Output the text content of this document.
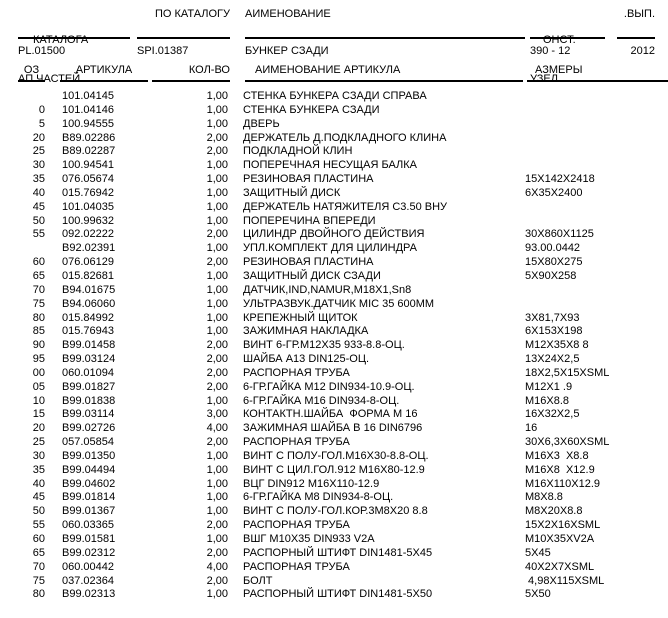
КАТАЛОГА

АП.ЧАСТЕЙ

PL.01500
ПО КАТАЛОГУ
SPI.01387
АИМЕНОВАНИЕ
БУНКЕР СЗАДИ

ОНСТ.

УЗЕЛ

390 - 12
.ВЫП.
2012
ОЗ	АРТИКУЛА	КОЛ-ВО	АИМЕНОВАНИЕ АРТИКУЛА	АЗМЕРЫ
101.04145	1,00 СТЕНКА БУНКЕРА СЗАДИ СПРАВА
0 101.04146	1,00 СТЕНКА БУНКЕРА СЗАДИ
5 100.94555	1,00 ДВЕРЬ
20 B89.02286	2,00 ДЕРЖАТЕЛЬ Д.ПОДКЛАДНОГО КЛИНА
25 B89.02287	2,00 ПОДКЛАДНОЙ КЛИН
30 100.94541	1,00 ПОПЕРЕЧНАЯ НЕСУЩАЯ БАЛКА
35 076.05674	1,00 РЕЗИНОВАЯ ПЛАСТИНА	15X142X2418
40 015.76942	1,00 ЗАЩИТНЫЙ ДИСК	6X35X2400
45 101.04035	1,00 ДЕРЖАТЕЛЬ НАТЯЖИТЕЛЯ С3.50 ВНУ
50 100.99632	1,00 ПОПЕРЕЧИНА ВПЕРЕДИ
55 092.02222	2,00 ЦИЛИНДР ДВОЙНОГО ДЕЙСТВИЯ	30X860X1125
B92.02391	1,00 УПЛ.КОМПЛЕКТ ДЛЯ ЦИЛИНДРА	93.00.0442
60 076.06129	2,00 РЕЗИНОВАЯ ПЛАСТИНА	15X80X275
65 015.82681	1,00 ЗАЩИТНЫЙ ДИСК СЗАДИ	5X90X258
70 B94.01675	1,00 ДАТЧИК,IND,NAMUR,M18X1,Sn8
75 B94.06060	1,00 УЛЬТРАЗВУК.ДАТЧИК MIC 35 600MM
80 015.84992	1,00 КРЕПЕЖНЫЙ ЩИТОК	3X81,7X93
85 015.76943	1,00 ЗАЖИМНАЯ НАКЛАДКА	6X153X198
90 B99.01458	2,00 ВИНТ 6-ГР.M12X35 933-8.8-ОЦ.	M12X35X8 8
95 B99.03124	2,00 ШАЙБА A13 DIN125-ОЦ.	13X24X2,5
00 060.01094	2,00 РАСПОРНАЯ ТРУБА	18X2,5X15XSML
05 B99.01827	2,00 6-ГР.ГАЙКА M12 DIN934-10.9-ОЦ.	M12X1 .9
10 B99.01838	1,00 6-ГР.ГАЙКА M16 DIN934-8-ОЦ.	M16X8.8
15 B99.03114	3,00 КОНТАКТН.ШАЙБА  ФОРМА M 16	16X32X2,5
20 B99.02726	4,00 ЗАЖИМНАЯ ШАЙБА B 16 DIN6796	16
25 057.05854	2,00 РАСПОРНАЯ ТРУБА	30X6,3X60XSML
30 B99.01350	1,00 ВИНТ С ПОЛУ-ГОЛ.M16X30-8.8-ОЦ.	M16X3  X8.8
35 B99.04494	1,00 ВИНТ С ЦИЛ.ГОЛ.912 M16X80-12.9	M16X8  X12.9
40 B99.04602	1,00 ВЦГ DIN912 M16X110-12.9	M16X110X12.9
45 B99.01814	1,00 6-ГР.ГАЙКА M8 DIN934-8-ОЦ.	M8X8.8
50 B99.01367	1,00 ВИНТ С ПОЛУ-ГОЛ.КОР.3M8X20 8.8	M8X20X8.8
55 060.03365	2,00 РАСПОРНАЯ ТРУБА	15X2X16XSML
60 B99.01581	1,00 ВШГ M10X35 DIN933 V2A	M10X35XV2A
65 B99.02312	2,00 РАСПОРНЫЙ ШТИФТ DIN1481-5X45	5X45
70 060.00442	4,00 РАСПОРНАЯ ТРУБА	40X2X7XSML
75 037.02364	2,00 БОЛТ	4,98X115XSML
80 B99.02313	1,00 РАСПОРНЫЙ ШТИФТ DIN1481-5X50	5X50
